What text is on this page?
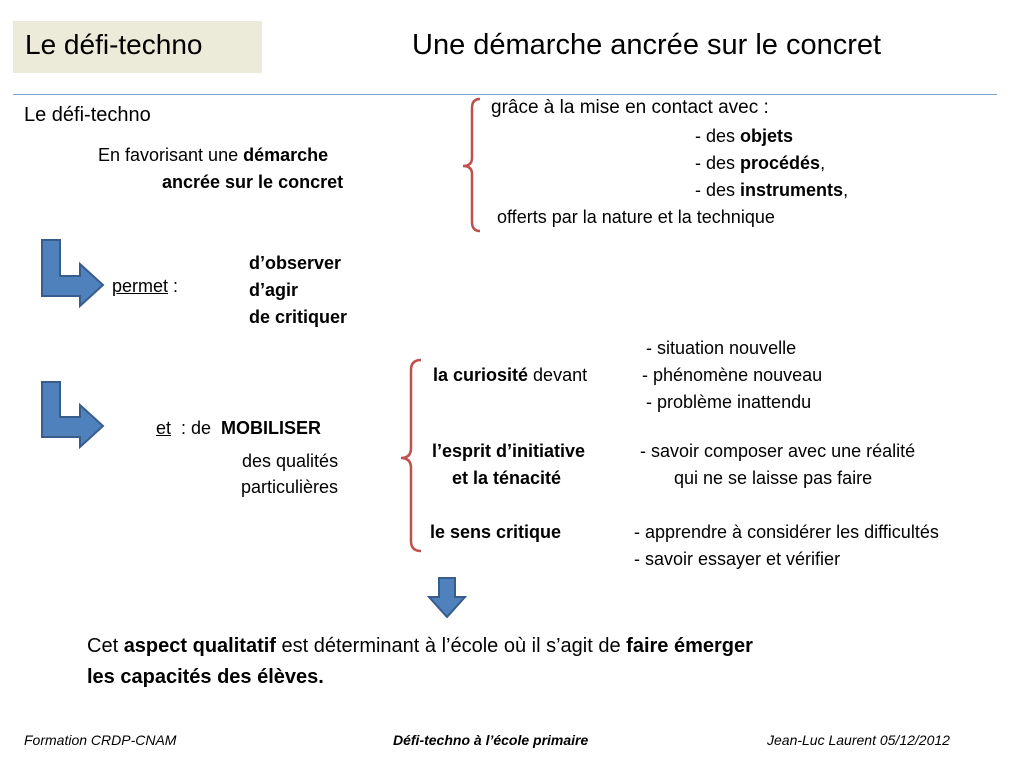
Le défi-techno	Une démarche ancrée sur le concret
Le défi-techno
En favorisant une démarche
ancrée sur le concret
grâce à la mise en contact avec :
- des objets
- des procédés,
- des instruments,
offerts par la nature et la technique
permet :
d’observer
d’agir
de critiquer
et  : de  MOBILISER
des qualités
particulières
- situation nouvelle
la curiosité devant	- phénomène nouveau
- problème inattendu
l’esprit d’initiative
et la ténacité
- savoir composer avec une réalité
qui ne se laisse pas faire
le sens critique	- apprendre à considérer les difficultés
- savoir essayer et vérifier
Cet aspect qualitatif est déterminant à l’école où il s’agit de faire émerger
les capacités des élèves.
Formation CRDP-CNAM	Défi-techno à l’école primaire	Jean-Luc Laurent 05/12/2012
